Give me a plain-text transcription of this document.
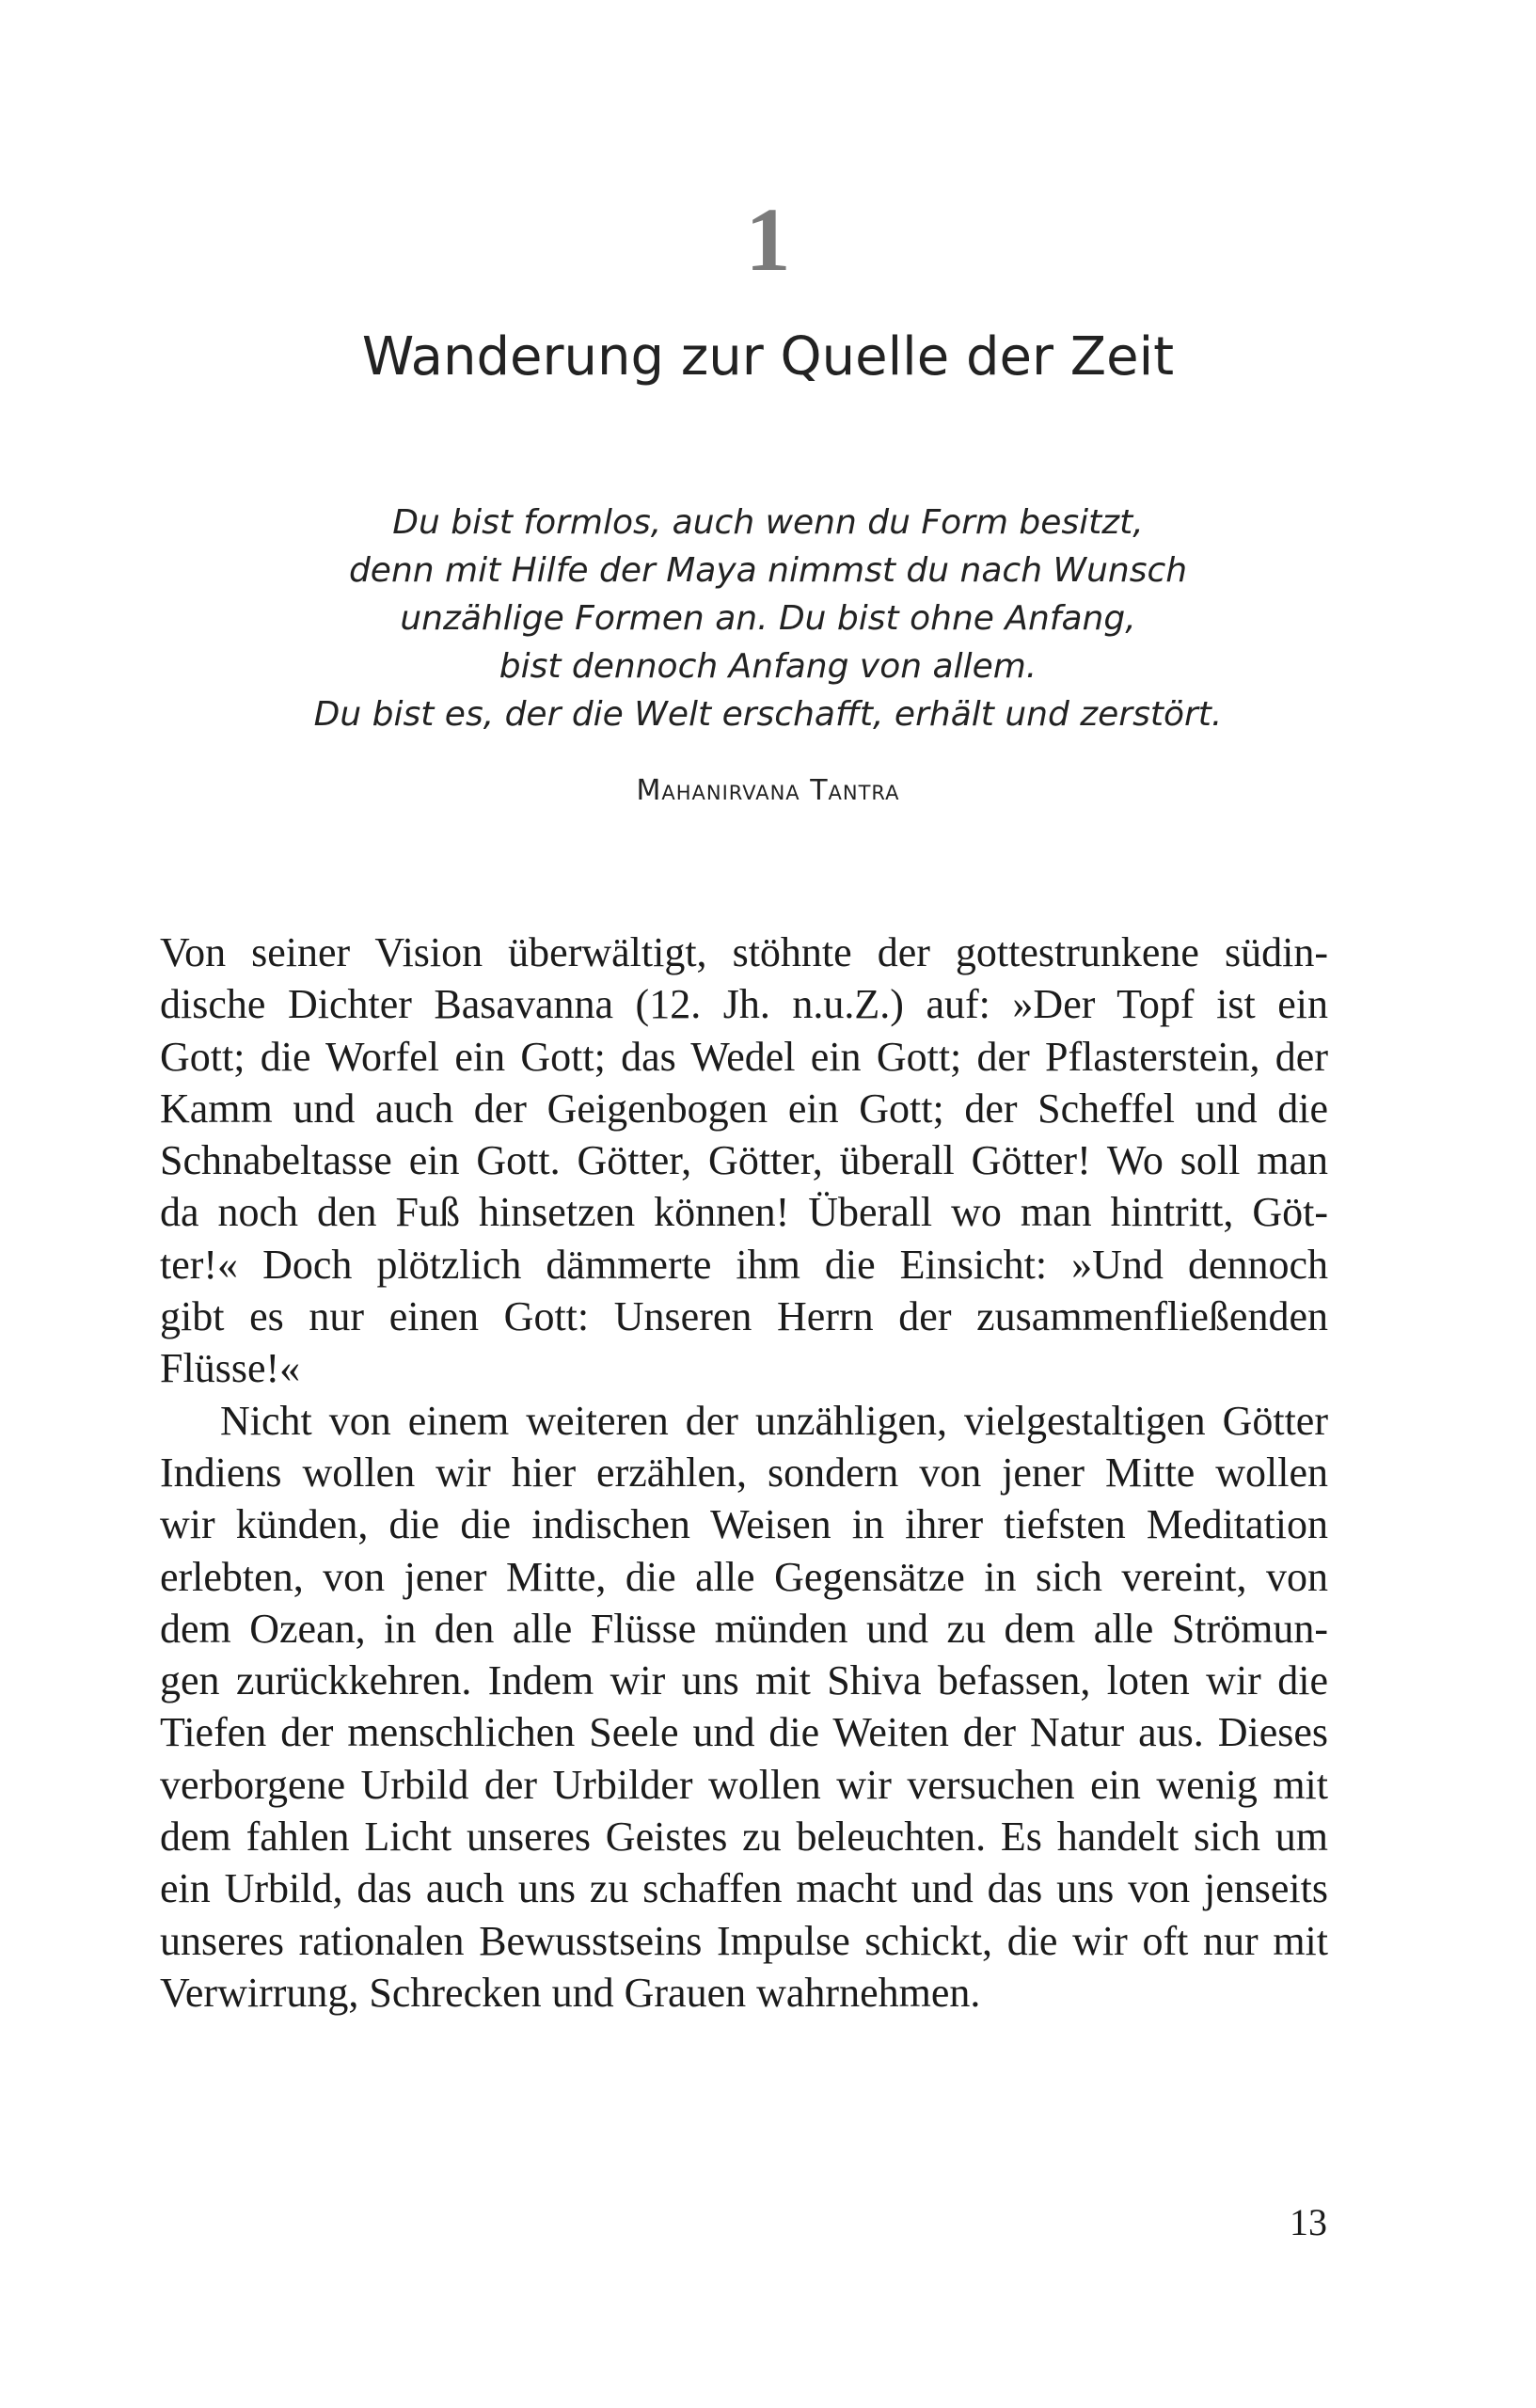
1
Wanderung zur Quelle der Zeit
Du bist formlos, auch wenn du Form besitzt,
denn mit Hilfe der Maya nimmst du nach Wunsch
unzählige Formen an. Du bist ohne Anfang,
bist dennoch Anfang von allem.
Du bist es, der die Welt erschafft, erhält und zerstört.
Mahanirvana Tantra

Von seiner Vision überwältigt, stöhnte der gottestrunkene südin-
dische Dichter Basavanna (12. Jh. n.u.Z.) auf: »Der Topf ist ein
Gott; die Worfel ein Gott; das Wedel ein Gott; der Pflasterstein, der
Kamm und auch der Geigenbogen ein Gott; der Scheffel und die
Schnabeltasse ein Gott. Götter, Götter, überall Götter! Wo soll man
da noch den Fuß hinsetzen können! Überall wo man hintritt, Göt-
ter!« Doch plötzlich dämmerte ihm die Einsicht: »Und dennoch
gibt es nur einen Gott: Unseren Herrn der zusammenfließenden
Flüsse!«

Nicht von einem weiteren der unzähligen, vielgestaltigen Götter
Indiens wollen wir hier erzählen, sondern von jener Mitte wollen
wir künden, die die indischen Weisen in ihrer tiefsten Meditation
erlebten, von jener Mitte, die alle Gegensätze in sich vereint, von
dem Ozean, in den alle Flüsse münden und zu dem alle Strömun-
gen zurückkehren. Indem wir uns mit Shiva befassen, loten wir die
Tiefen der menschlichen Seele und die Weiten der Natur aus. Dieses
verborgene Urbild der Urbilder wollen wir versuchen ein wenig mit
dem fahlen Licht unseres Geistes zu beleuchten. Es handelt sich um
ein Urbild, das auch uns zu schaffen macht und das uns von jenseits
unseres rationalen Bewusstseins Impulse schickt, die wir oft nur mit
Verwirrung, Schrecken und Grauen wahrnehmen.

13
